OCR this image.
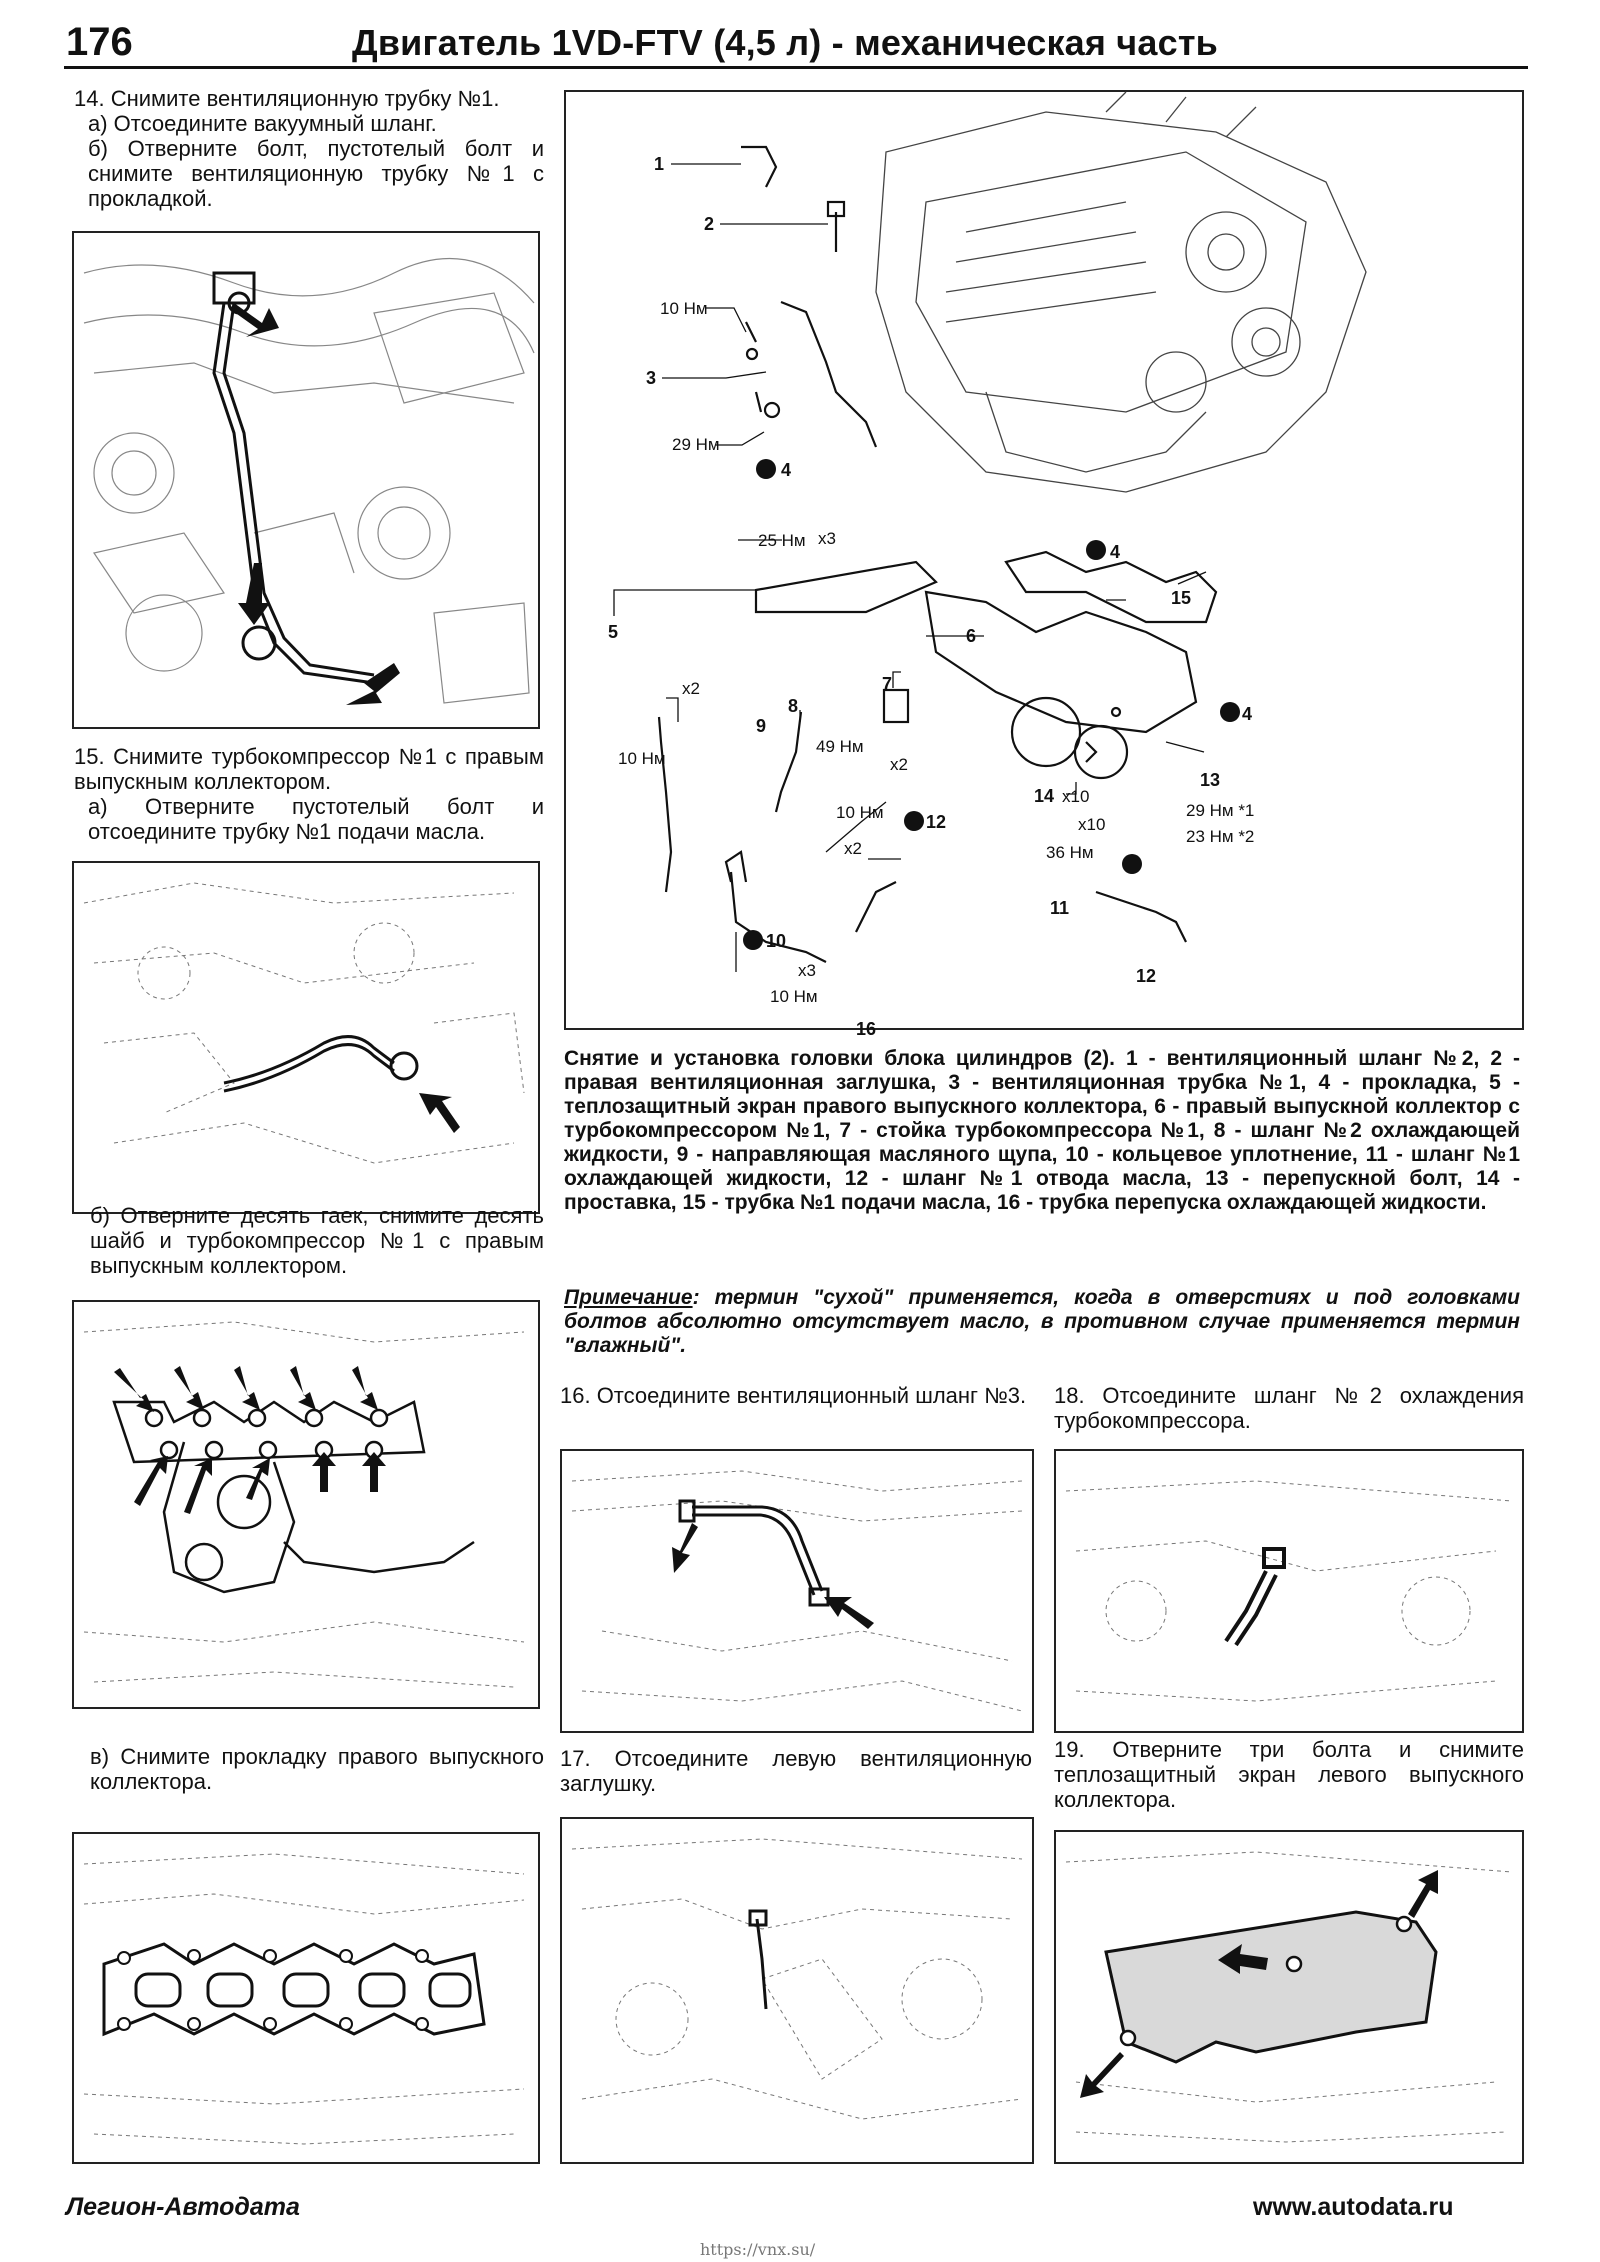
176	Двигатель 1VD-FTV (4,5 л) - механическая часть
14. Снимите вентиляционную трубку №1.
а) Отсоедините вакуумный шланг.
б) Отверните болт, пустотелый болт и снимите вентиляционную трубку №1 с прокладкой.
15. Снимите турбокомпрессор №1 с правым выпускным коллектором.
а) Отверните пустотелый болт и отсоедините трубку №1 подачи масла.
б) Отверните десять гаек, снимите десять шайб и турбокомпрессор №1 с правым выпускным коллектором.
в) Снимите прокладку правого выпускного коллектора.
1
2
3
4
4
4
5	6
7
8
9
10
11
12
12
13
14
15
16
10 Нм
29 Нм
25 Нм x3
x2
10 Нм
49 Нм
x2
10 Нм
x2
x3
10 Нм
x10
x10
36 Нм
29 Нм *1
23 Нм *2
Снятие и установка головки блока цилиндров (2). 1 - вентиляционный шланг №2, 2 - правая вентиляционная заглушка, 3 - вентиляционная трубка №1, 4 - прокладка, 5 - теплозащитный экран правого выпускного коллектора, 6 - правый выпускной коллектор с турбокомпрессором №1, 7 - стойка турбокомпрессора №1, 8 - шланг №2 охлаждающей жидкости, 9 - направляющая масляного щупа, 10 - кольцевое уплотнение, 11 - шланг №1 охлаждающей жидкости, 12 - шланг №1 отвода масла, 13 - перепускной болт, 14 - проставка, 15 - трубка №1 подачи масла, 16 - трубка перепуска охлаждающей жидкости.
Примечание: термин "сухой" применяется, когда в отверстиях и под головками болтов абсолютно отсутствует масло, в противном случае применяется термин "влажный".
16. Отсоедините вентиляционный шланг №3.
17. Отсоедините левую вентиляционную заглушку.
18. Отсоедините шланг №2 охлаждения турбокомпрессора.
19. Отверните три болта и снимите теплозащитный экран левого выпускного коллектора.
Легион-Автодата	www.autodata.ru
https://vnx.su/
